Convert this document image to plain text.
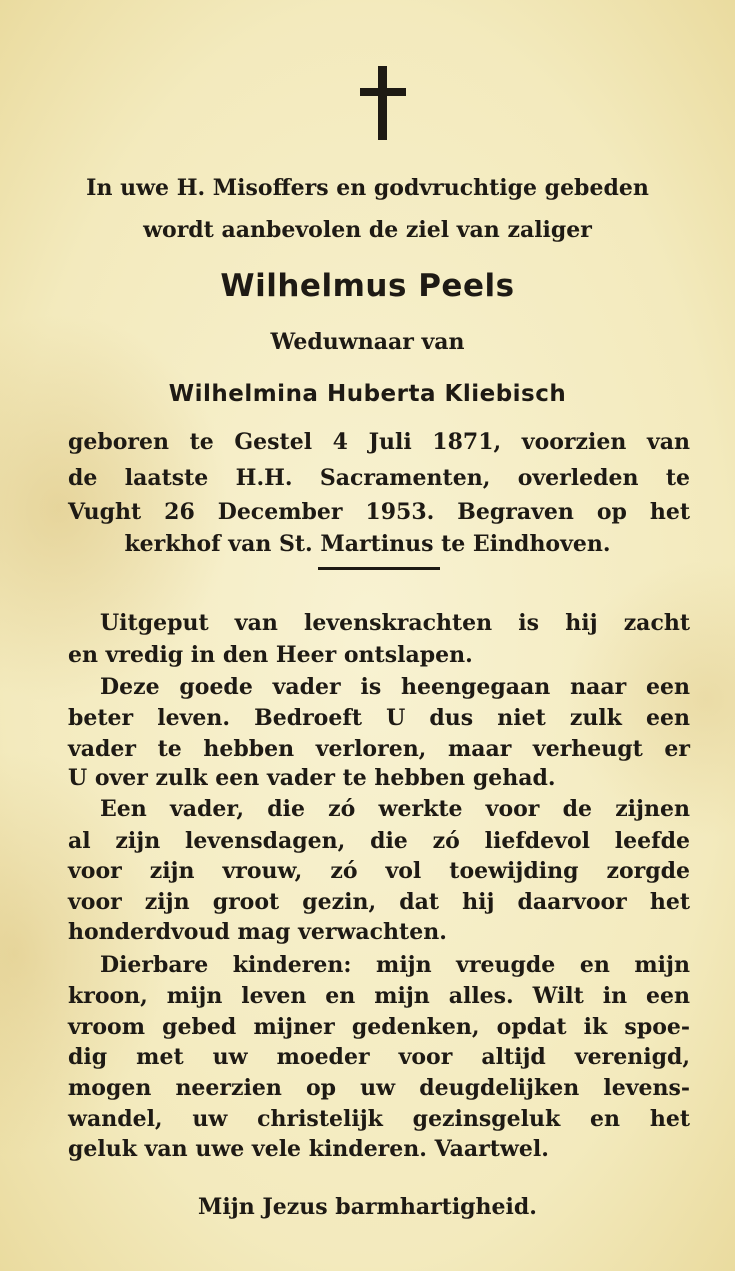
In uwe H. Misoffers en godvruchtige gebeden
wordt aanbevolen de ziel van zaliger
Wilhelmus Peels
Weduwnaar van
Wilhelmina Huberta Kliebisch
geboren te Gestel 4 Juli 1871, voorzien van
de laatste H.H. Sacramenten, overleden te
Vught 26 December 1953. Begraven op het
kerkhof van St. Martinus te Eindhoven.
Uitgeput van levenskrachten is hij zacht
en vredig in den Heer ontslapen.
Deze goede vader is heengegaan naar een
beter leven. Bedroeft U dus niet zulk een
vader te hebben verloren, maar verheugt er
U over zulk een vader te hebben gehad.
Een vader, die zó werkte voor de zijnen
al zijn levensdagen, die zó liefdevol leefde
voor zijn vrouw, zó vol toewijding zorgde
voor zijn groot gezin, dat hij daarvoor het
honderdvoud mag verwachten.
Dierbare kinderen: mijn vreugde en mijn
kroon, mijn leven en mijn alles. Wilt in een
vroom gebed mijner gedenken, opdat ik spoe-
dig met uw moeder voor altijd verenigd,
mogen neerzien op uw deugdelijken levens-
wandel, uw christelijk gezinsgeluk en het
geluk van uwe vele kinderen. Vaartwel.
Mijn Jezus barmhartigheid.
